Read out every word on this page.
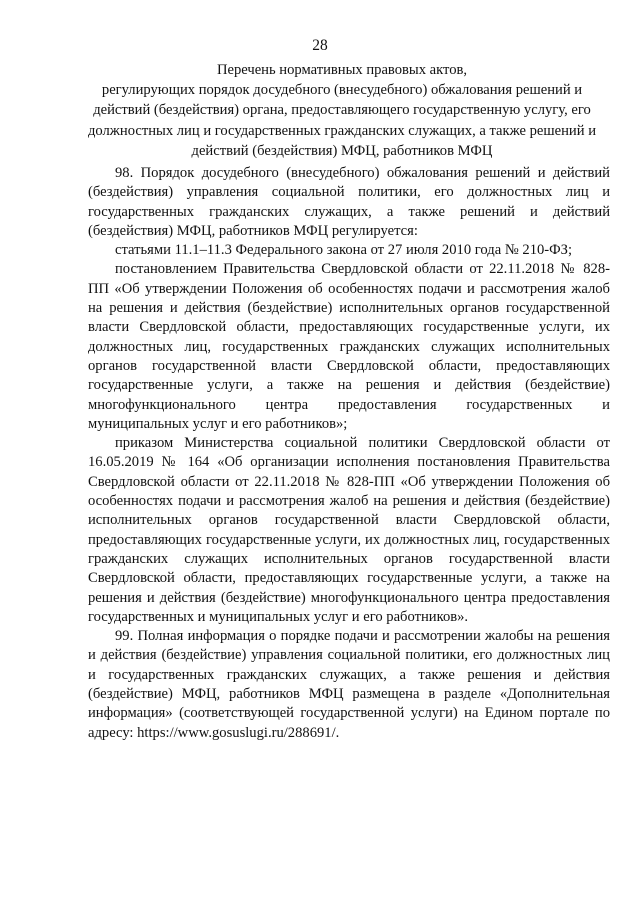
28
Перечень нормативных правовых актов,
регулирующих порядок досудебного (внесудебного) обжалования решений и
действий (бездействия) органа, предоставляющего государственную услугу, его
должностных лиц и государственных гражданских служащих, а также решений и
действий (бездействия) МФЦ, работников МФЦ

98. Порядок досудебного (внесудебного) обжалования решений и действий (бездействия) управления социальной политики, его должностных лиц и государственных гражданских служащих, а также решений и действий (бездействия) МФЦ, работников МФЦ регулируется:

статьями 11.1–11.3 Федерального закона от 27 июля 2010 года № 210-ФЗ;

постановлением Правительства Свердловской области от 22.11.2018 № 828-ПП «Об утверждении Положения об особенностях подачи и рассмотрения жалоб на решения и действия (бездействие) исполнительных органов государственной власти Свердловской области, предоставляющих государственные услуги, их должностных лиц, государственных гражданских служащих исполнительных органов государственной власти Свердловской области, предоставляющих государственные услуги, а также на решения и действия (бездействие) многофункционального центра предоставления государственных и муниципальных услуг и его работников»;

приказом Министерства социальной политики Свердловской области от 16.05.2019 № 164 «Об организации исполнения постановления Правительства Свердловской области от 22.11.2018 № 828-ПП «Об утверждении Положения об особенностях подачи и рассмотрения жалоб на решения и действия (бездействие) исполнительных органов государственной власти Свердловской области, предоставляющих государственные услуги, их должностных лиц, государственных гражданских служащих исполнительных органов государственной власти Свердловской области, предоставляющих государственные услуги, а также на решения и действия (бездействие) многофункционального центра предоставления государственных и муниципальных услуг и его работников».

99. Полная информация о порядке подачи и рассмотрении жалобы на решения и действия (бездействие) управления социальной политики, его должностных лиц и государственных гражданских служащих, а также решения и действия (бездействие) МФЦ, работников МФЦ размещена в разделе «Дополнительная информация» (соответствующей государственной услуги) на Едином портале по адресу: https://www.gosuslugi.ru/288691/.
